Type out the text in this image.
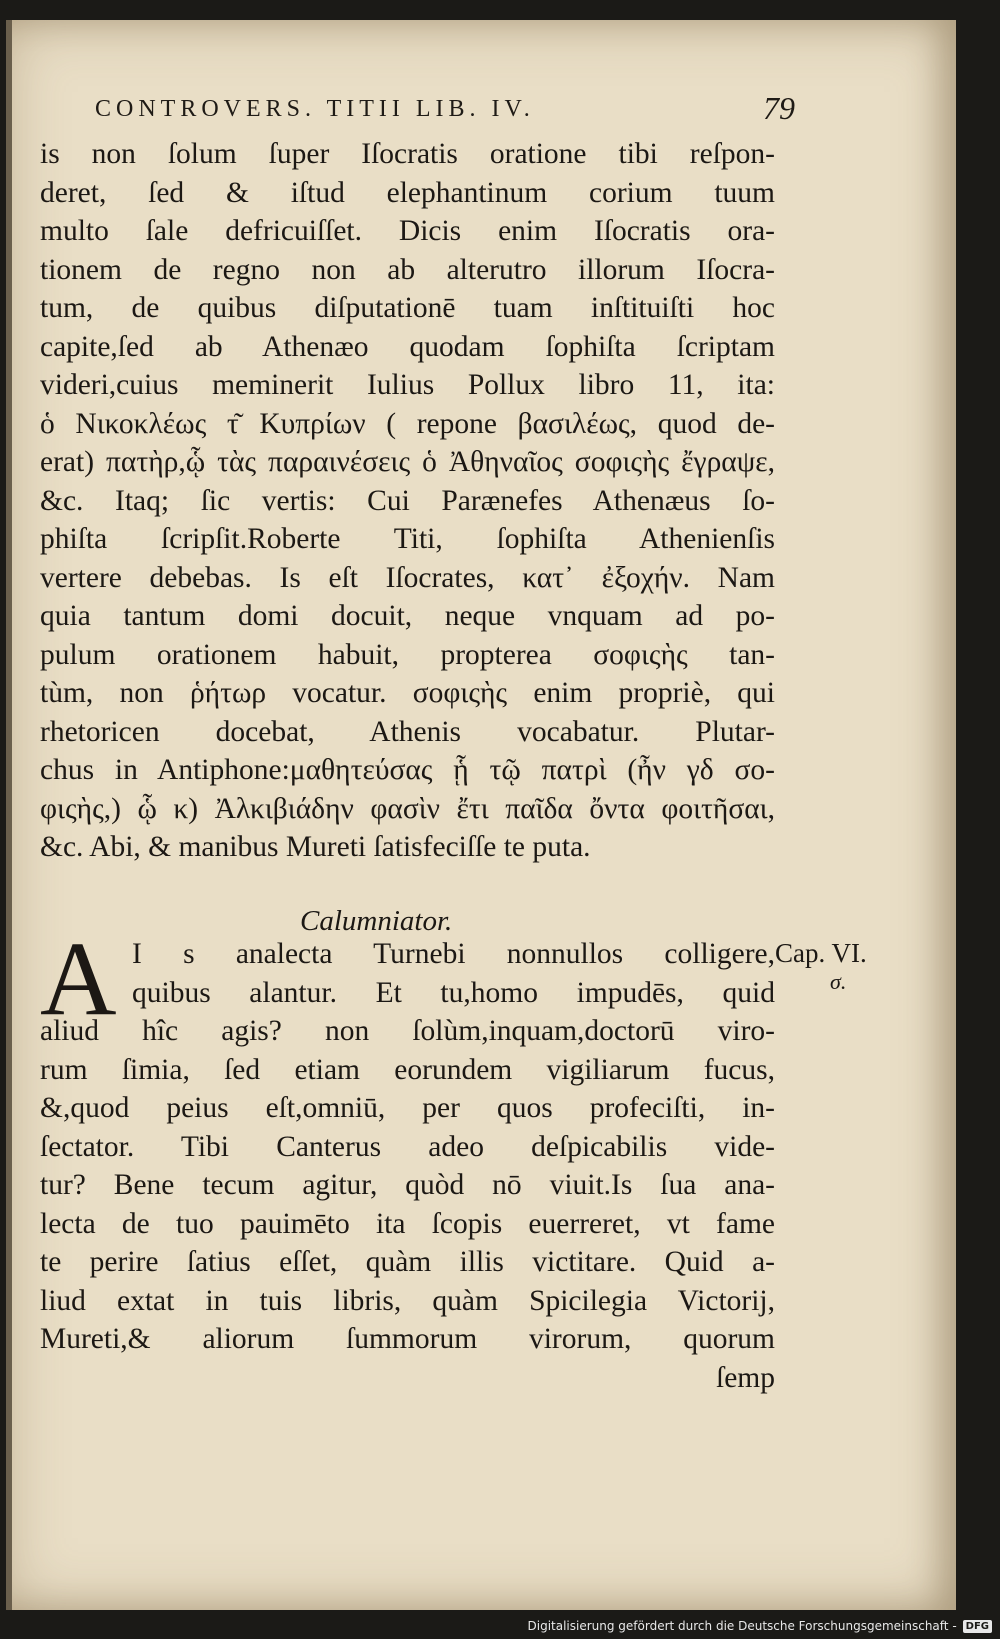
CONTROVERS. TITII LIB. IV.	79
is non ſolum ſuper Iſocratis oratione tibi reſpon-
deret, ſed & iſtud elephantinum corium tuum
multo ſale defricuiſſet. Dicis enim Iſocratis ora-
tionem de regno non ab alterutro illorum Iſocra-
tum, de quibus diſputationē tuam inſtituiſti hoc
capite,ſed ab Athenæo quodam ſophiſta ſcriptam
videri,cuius meminerit Iulius Pollux libro 11, ita:
ὁ Νικοκλέως τ͂ Κυπρίων ( repone βασιλέως, quod de-
erat) πατὴρ,ᾧ τὰς παραινέσεις ὁ Ἀθηναῖος σοφιςὴς ἔγραψε,
&c. Itaq; ſic vertis: Cui Parænefes Athenæus ſo-
phiſta ſcripſit.Roberte Titi, ſophiſta Athenienſis
vertere debebas. Is eſt Iſocrates, κατ᾽ ἐξοχήν. Nam
quia tantum domi docuit, neque vnquam ad po-
pulum orationem habuit, propterea σοφιςὴς tan-
tùm, non ῥήτωρ vocatur. σοφιςὴς enim propriè, qui
rhetoricen docebat, Athenis vocabatur. Plutar-
chus in Antiphone:μαθητεύσας ᾗ τῷ πατρὶ (ἦν γδ σο-
φιςὴς,) ᾧ κ) Ἀλκιβιάδην φασὶν ἔτι παῖδα ὄντα φοιτῆσαι,
&c. Abi, & manibus Mureti ſatisfeciſſe te puta.
Calumniator.
A I s analecta Turnebi nonnullos colligere,
quibus alantur. Et tu,homo impudēs, quid
aliud hîc agis? non ſolùm,inquam,doctorū viro-
rum ſimia, ſed etiam eorundem vigiliarum fucus,
&,quod peius eſt,omniū, per quos profeciſti, in-
ſectator. Tibi Canterus adeo deſpicabilis vide-
tur? Bene tecum agitur, quòd nō viuit.Is ſua ana-
lecta de tuo pauimēto ita ſcopis euerreret, vt fame
te perire ſatius eſſet, quàm illis victitare. Quid a-
liud extat in tuis libris, quàm Spicilegia Victorij,
Mureti,& aliorum ſummorum virorum, quorum
ſemp
Cap. VI.
σ.
Digitalisierung gefördert durch die Deutsche Forschungsgemeinschaft - DFG
